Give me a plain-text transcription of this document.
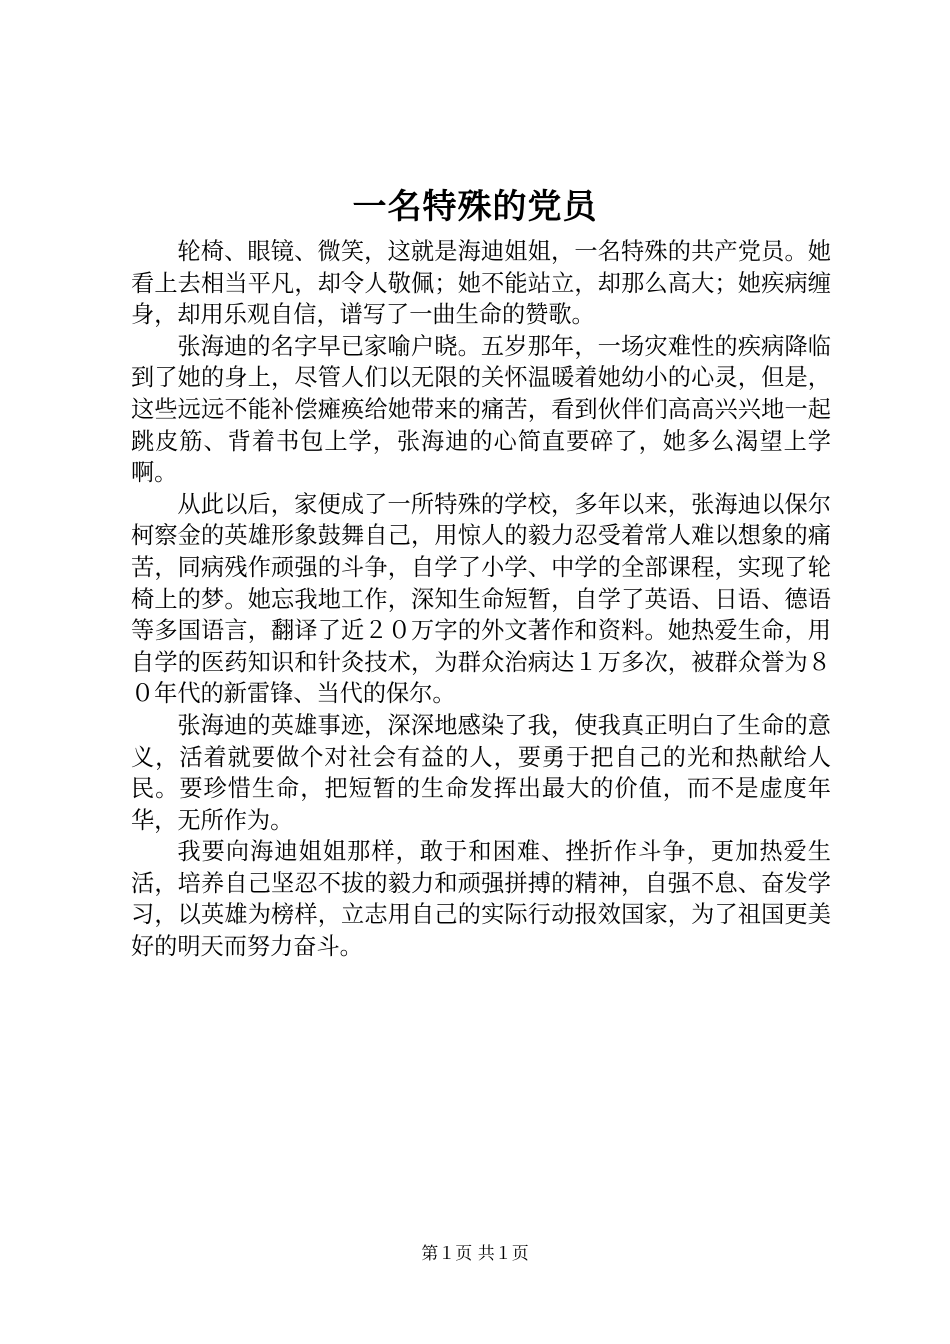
一名特殊的党员

轮椅、眼镜、微笑，这就是海迪姐姐，一名特殊的共产党员。她看上去相当平凡，却令人敬佩；她不能站立，却那么高大；她疾病缠身，却用乐观自信，谱写了一曲生命的赞歌。

张海迪的名字早已家喻户晓。五岁那年，一场灾难性的疾病降临到了她的身上，尽管人们以无限的关怀温暖着她幼小的心灵，但是，这些远远不能补偿瘫痪给她带来的痛苦，看到伙伴们高高兴兴地一起跳皮筋、背着书包上学，张海迪的心简直要碎了，她多么渴望上学啊。

从此以后，家便成了一所特殊的学校，多年以来，张海迪以保尔柯察金的英雄形象鼓舞自己，用惊人的毅力忍受着常人难以想象的痛苦，同病残作顽强的斗争，自学了小学、中学的全部课程，实现了轮椅上的梦。她忘我地工作，深知生命短暂，自学了英语、日语、德语等多国语言，翻译了近２０万字的外文著作和资料。她热爱生命，用自学的医药知识和针灸技术，为群众治病达１万多次，被群众誉为８０年代的新雷锋、当代的保尔。

张海迪的英雄事迹，深深地感染了我，使我真正明白了生命的意义，活着就要做个对社会有益的人，要勇于把自己的光和热献给人民。要珍惜生命，把短暂的生命发挥出最大的价值，而不是虚度年华，无所作为。

我要向海迪姐姐那样，敢于和困难、挫折作斗争，更加热爱生活，培养自己坚忍不拔的毅力和顽强拼搏的精神，自强不息、奋发学习，以英雄为榜样，立志用自己的实际行动报效国家，为了祖国更美好的明天而努力奋斗。

第１页 共１页
